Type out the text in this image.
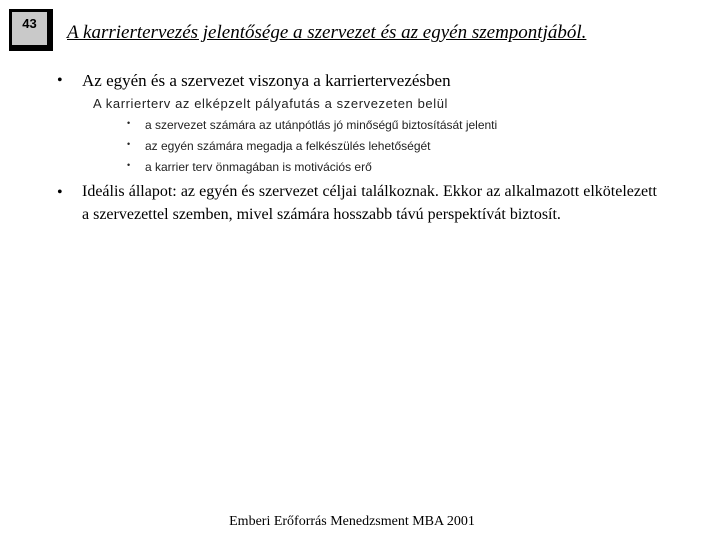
43	A karriertervezés jelentősége a szervezet és az egyén szempontjából.
• Az egyén és a szervezet viszonya a karriertervezésben
A karrierterv az elképzelt pályafutás a szervezeten belül
• a szervezet számára az utánpótlás jó minőségű biztosítását jelenti
• az egyén számára megadja a felkészülés lehetőségét
• a karrier terv önmagában is motivációs erő
• Ideális állapot: az egyén és szervezet céljai találkoznak. Ekkor az alkalmazott elkötelezett a szervezettel szemben, mivel számára hosszabb távú perspektívát biztosít.
Emberi Erőforrás Menedzsment MBA 2001
